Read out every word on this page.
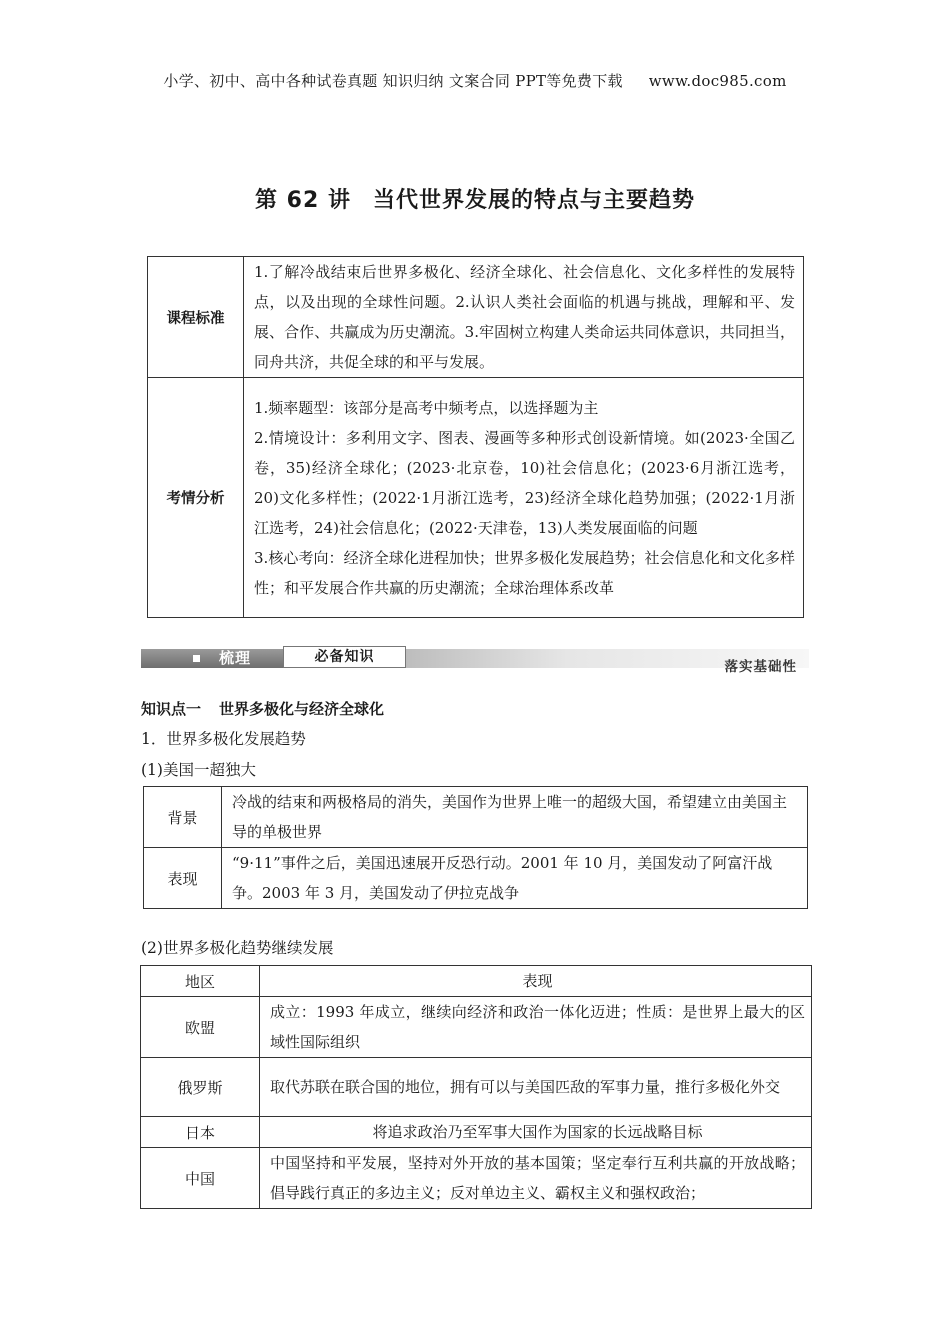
小学、初中、高中各种试卷真题 知识归纳 文案合同 PPT等免费下载 www.doc985.com
第 62 讲 当代世界发展的特点与主要趋势
课程标准	1.了解冷战结束后世界多极化、经济全球化、社会信息化、文化多样性的发展特点，以及出现的全球性问题。2.认识人类社会面临的机遇与挑战，理解和平、发展、合作、共赢成为历史潮流。3.牢固树立构建人类命运共同体意识，共同担当，同舟共济，共促全球的和平与发展。

考情分析	1.频率题型：该部分是高考中频考点，以选择题为主

2.情境设计：多利用文字、图表、漫画等多种形式创设新情境。如(2023·全国乙卷，35)经济全球化；(2023·北京卷，10)社会信息化；(2023·6月浙江选考，20)文化多样性；(2022·1月浙江选考，23)经济全球化趋势加强；(2022·1月浙江选考，24)社会信息化；(2022·天津卷，13)人类发展面临的问题

3.核心考向：经济全球化进程加快；世界多极化发展趋势；社会信息化和文化多样性；和平发展合作共赢的历史潮流；全球治理体系改革

梳理	必备知识
落实基础性
知识点一 世界多极化与经济全球化
1．世界多极化发展趋势
(1)美国一超独大
背景	冷战的结束和两极格局的消失，美国作为世界上唯一的超级大国，希望建立由美国主导的单极世界
表现	“9·11”事件之后，美国迅速展开反恐行动。2001 年 10 月，美国发动了阿富汗战争。2003 年 3 月，美国发动了伊拉克战争
(2)世界多极化趋势继续发展
地区	表现
欧盟	成立：1993 年成立，继续向经济和政治一体化迈进；性质：是世界上最大的区域性国际组织
俄罗斯	取代苏联在联合国的地位，拥有可以与美国匹敌的军事力量，推行多极化外交
日本	将追求政治乃至军事大国作为国家的长远战略目标
中国	中国坚持和平发展，坚持对外开放的基本国策；坚定奉行互利共赢的开放战略；倡导践行真正的多边主义；反对单边主义、霸权主义和强权政治；
